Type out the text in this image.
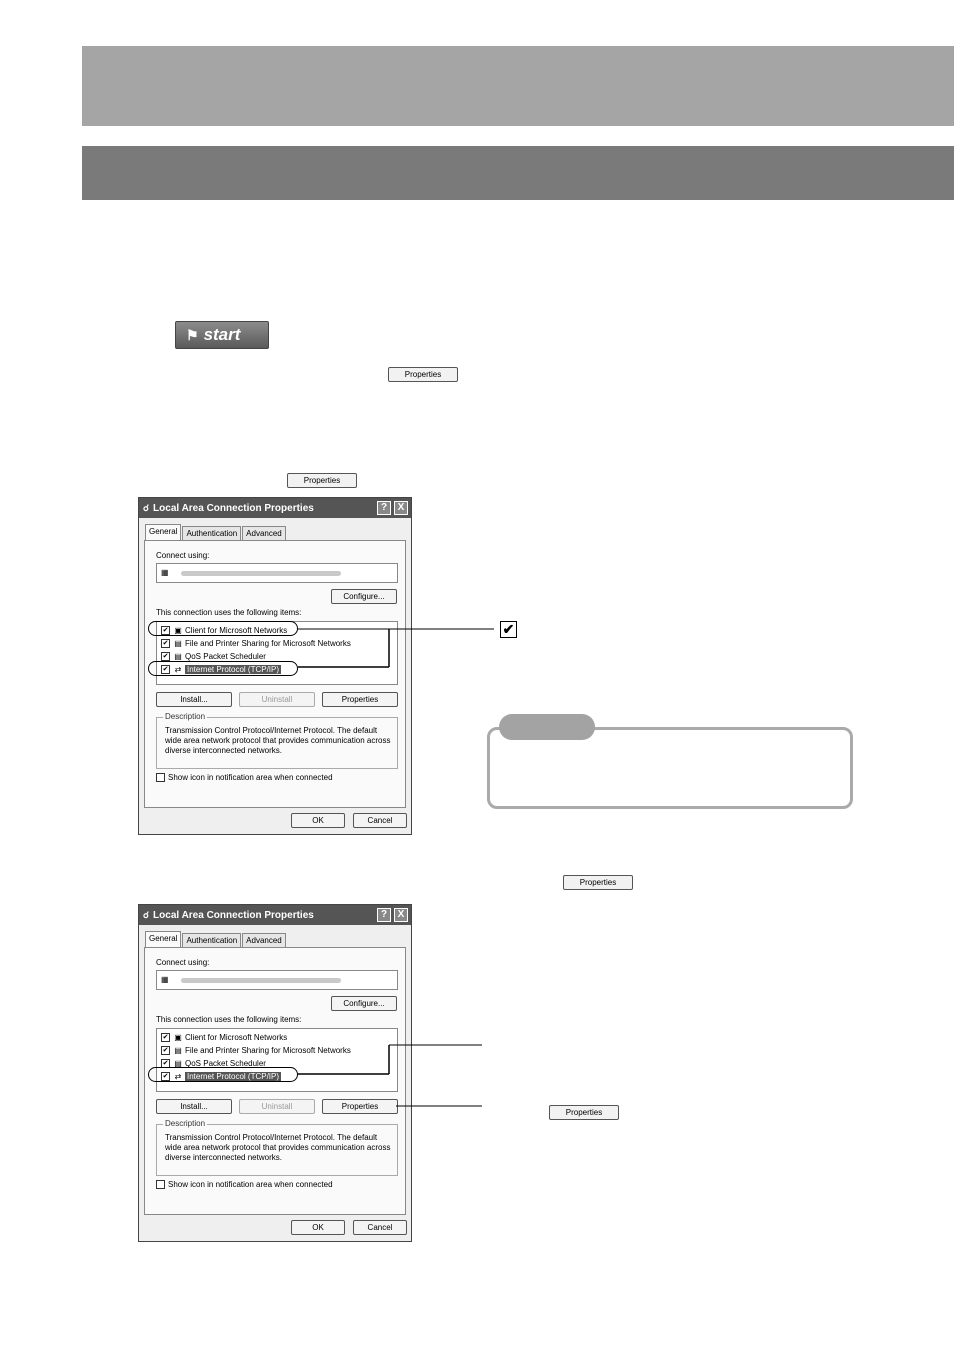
⚑ start
Properties
Properties
Properties
Properties
☌ Local Area Connection Properties	?	X
General	Authentication	Advanced
Connect using:
▦
Configure...
This connection uses the following items:
✔ ▣ Client for Microsoft Networks
✔ ▤ File and Printer Sharing for Microsoft Networks
✔ ▤ QoS Packet Scheduler
✔ ⇄ Internet Protocol (TCP/IP)
Install...	Uninstall	Properties
Description
Transmission Control Protocol/Internet Protocol. The default wide area network protocol that provides communication across diverse interconnected networks.
Show icon in notification area when connected
OK	Cancel
☌ Local Area Connection Properties	?	X
General	Authentication	Advanced
Connect using:
▦
Configure...
This connection uses the following items:
✔ ▣ Client for Microsoft Networks
✔ ▤ File and Printer Sharing for Microsoft Networks
✔ ▤ QoS Packet Scheduler
✔ ⇄ Internet Protocol (TCP/IP)
Install...	Uninstall	Properties
Description
Transmission Control Protocol/Internet Protocol. The default wide area network protocol that provides communication across diverse interconnected networks.
Show icon in notification area when connected
OK	Cancel
✔
